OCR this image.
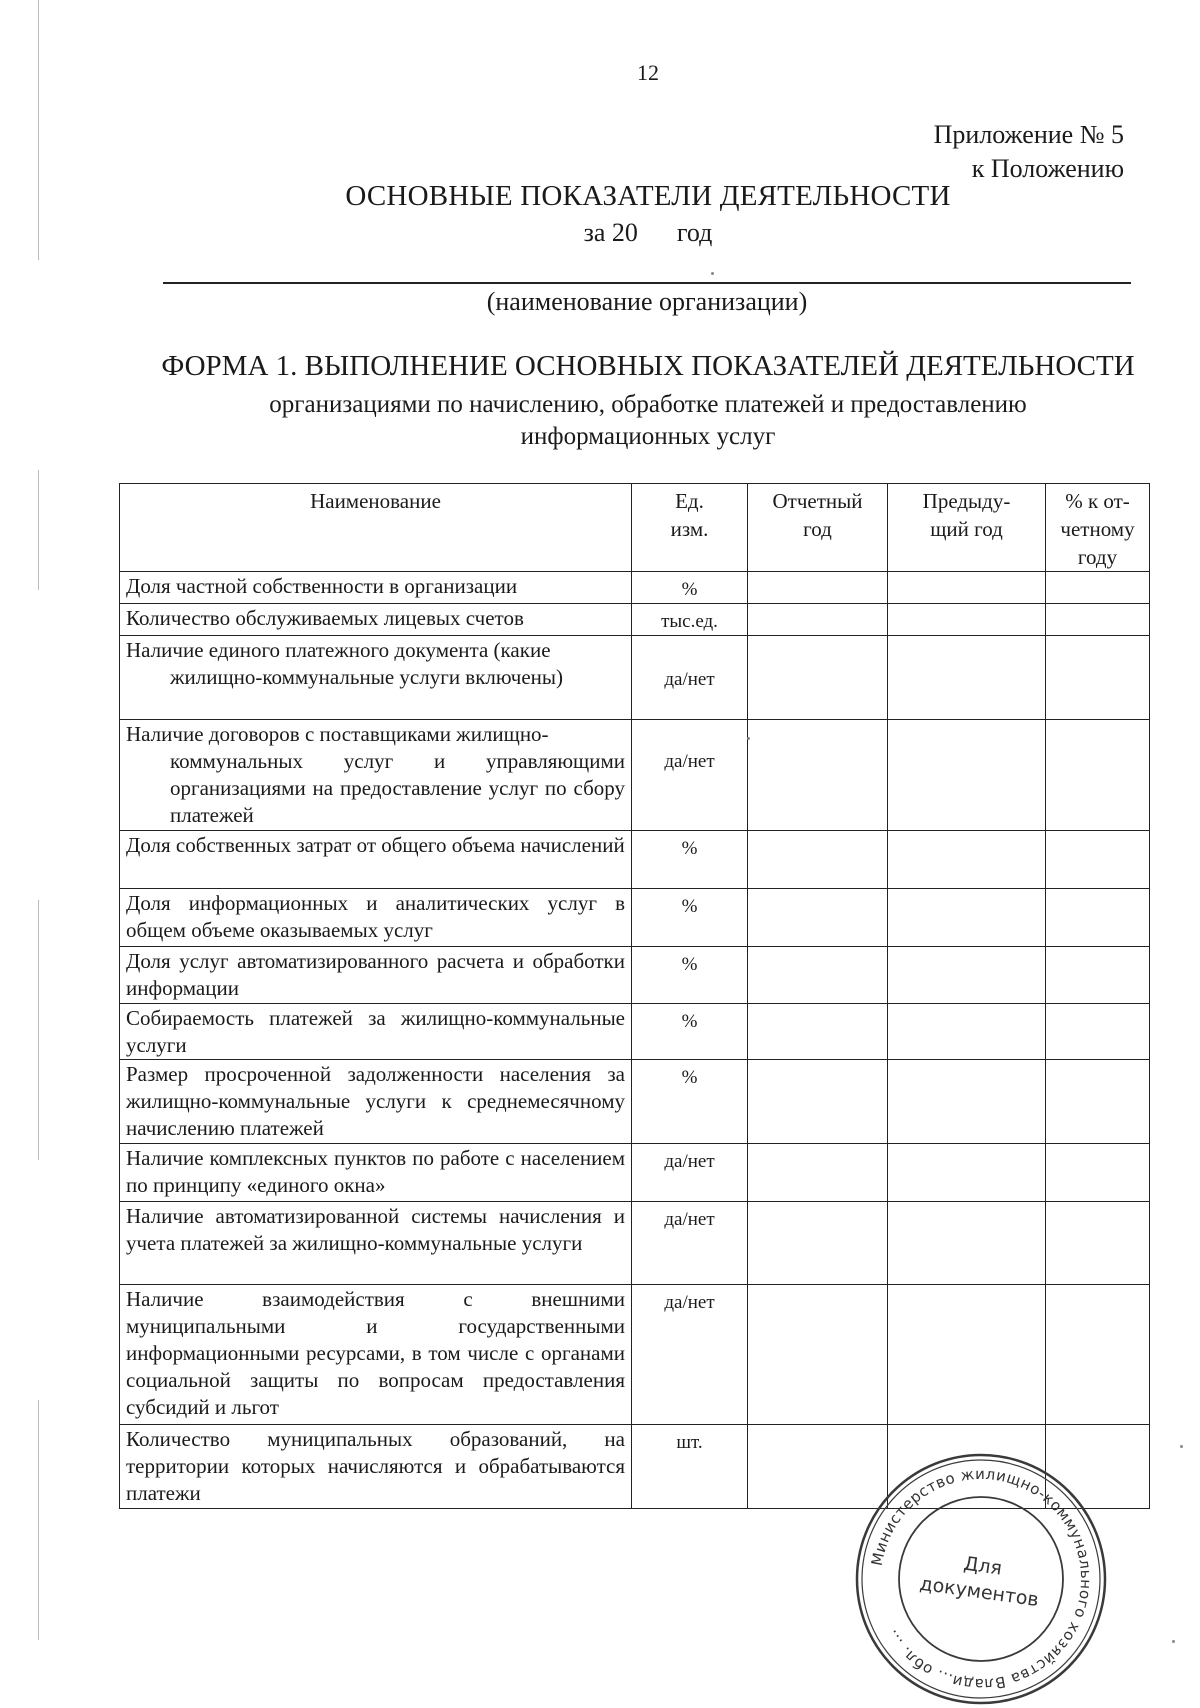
12
Приложение № 5
к Положению
ОСНОВНЫЕ ПОКАЗАТЕЛИ ДЕЯТЕЛЬНОСТИ
за 20      год
(наименование организации)
ФОРМА 1. ВЫПОЛНЕНИЕ ОСНОВНЫХ ПОКАЗАТЕЛЕЙ ДЕЯТЕЛЬНОСТИ
организациями по начислению, обработке платежей и предоставлению
информационных услуг
Наименование	Ед. изм.	Отчетный год	Предыду-щий год	% к от-четному году
Доля частной собственности в организации	%			
Количество обслуживаемых лицевых счетов	тыс.ед.			

Наличие единого платежного документа (какие
жилищно-коммунальные услуги включены)	да/нет			

Наличие договоров с поставщиками жилищно-
коммунальных услуг и управляющими организациями на предоставление услуг по сбору платежей	да/нет			
Доля собственных затрат от общего объема начислений	%			
Доля информационных и аналитических услуг в общем объеме оказываемых услуг	%			
Доля услуг автоматизированного расчета и обработки информации	%			
Собираемость платежей за жилищно-коммунальные услуги	%			
Размер просроченной задолженности населения за жилищно-коммунальные услуги к среднемесячному начислению платежей	%			
Наличие комплексных пунктов по работе с населением по принципу «единого окна»	да/нет			
Наличие автоматизированной системы начисления и учета платежей за жилищно-коммунальные услуги	да/нет			
Наличие взаимодействия с внешними муниципальными и государственными информационными ресурсами, в том числе с органами социальной защиты по вопросам предоставления субсидий и льгот	да/нет			
Количество муниципальных образований, на территории которых начисляются и обрабатываются платежи	шт.			
Министерство жилищно-коммунального хозяйства Влади... обл. ...
Для
документов
